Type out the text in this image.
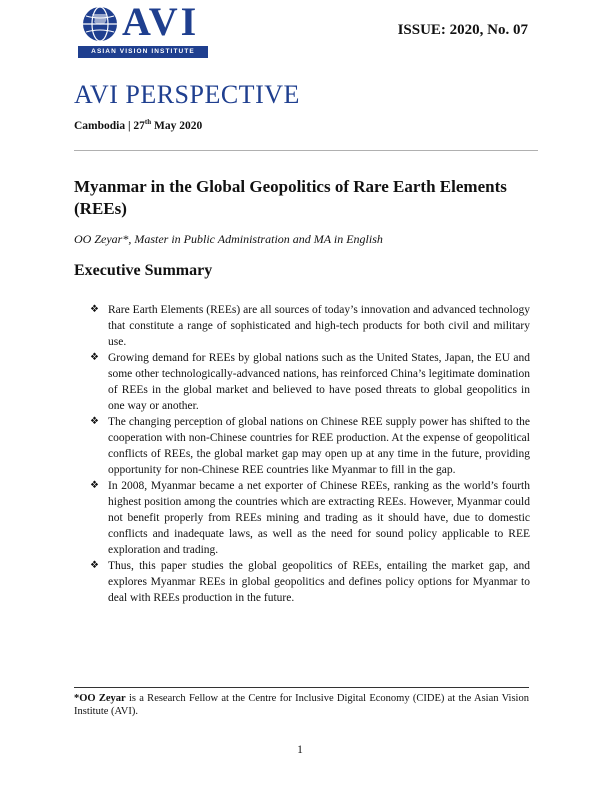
AVI
ASIAN VISION INSTITUTE
ISSUE: 2020, No. 07
AVI PERSPECTIVE
Cambodia | 27th May 2020
Myanmar in the Global Geopolitics of Rare Earth Elements (REEs)
OO Zeyar*, Master in Public Administration and MA in English
Executive Summary
❖ Rare Earth Elements (REEs) are all sources of today’s innovation and advanced technology that constitute a range of sophisticated and high-tech products for both civil and military use.
❖ Growing demand for REEs by global nations such as the United States, Japan, the EU and some other technologically-advanced nations, has reinforced China’s legitimate domination of REEs in the global market and believed to have posed threats to global geopolitics in one way or another.
❖ The changing perception of global nations on Chinese REE supply power has shifted to the cooperation with non-Chinese countries for REE production. At the expense of geopolitical conflicts of REEs, the global market gap may open up at any time in the future, providing opportunity for non-Chinese REE countries like Myanmar to fill in the gap.
❖ In 2008, Myanmar became a net exporter of Chinese REEs, ranking as the world’s fourth highest position among the countries which are extracting REEs. However, Myanmar could not benefit properly from REEs mining and trading as it should have, due to domestic conflicts and inadequate laws, as well as the need for sound policy applicable to REE exploration and trading.
❖ Thus, this paper studies the global geopolitics of REEs, entailing the market gap, and explores Myanmar REEs in global geopolitics and defines policy options for Myanmar to deal with REEs production in the future.
*OO Zeyar is a Research Fellow at the Centre for Inclusive Digital Economy (CIDE) at the Asian Vision Institute (AVI).
1
